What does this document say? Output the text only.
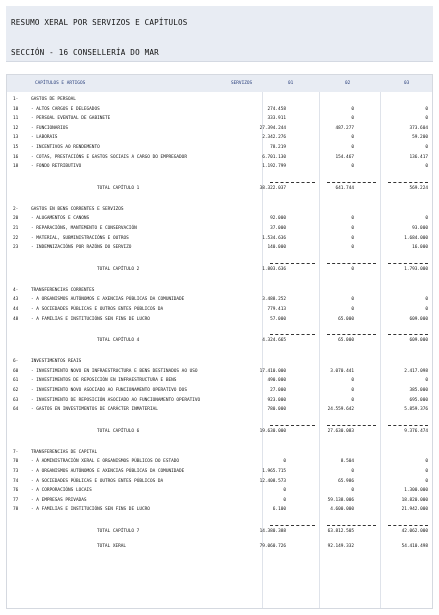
RESUMO XERAL POR SERVIZOS E CAPÍTULOS
SECCIÓN - 16 CONSELLERÍA DO MAR
CAPÍTULOS E ARTIGOS	SERVIZOS	01	02	03
1-	GASTOS DE PERSOAL
10	- ALTOS CARGOS E DELEGADOS	274.458	0	0
11	- PERSOAL EVENTUAL DE GABINETE	333.911	0	0
12	- FUNCIONARIOS	27.394.244	487.277	373.604
13	- LABORAIS	2.342.276	0	59.200
15	- INCENTIVOS AO RENDEMENTO	78.219	0	0
16	- COTAS, PRESTACIÓNS E GASTOS SOCIAIS A CARGO DO EMPREGADOR	6.701.130	154.467	136.417
18	- FONDO RETRIBUTIVO	1.192.799	0	0
TOTAL CAPÍTULO 1	38.322.037	641.744	569.224
2-	GASTOS EN BENS CORRENTES E SERVIZOS
20	- ALUGAMENTOS E CANONS	92.000	0	0
21	- REPARACIÓNS, MANTEMENTO E CONSERVACIÓN	37.000	0	93.000
22	- MATERIAL, SUBMINISTRACIÓNS E OUTROS	1.534.636	0	1.684.000
23	- INDEMNIZACIÓNS POR RAZÓNS DO SERVIZO	140.000	0	16.000
TOTAL CAPÍTULO 2	1.803.636	0	1.793.000
4-	TRANSFERENCIAS CORRENTES
43	- A ORGANISMOS AUTÓNOMOS E AXENCIAS PÚBLICAS DA COMUNIDADE	3.488.252	0	0
44	- A SOCIEDADES PÚBLICAS E OUTROS ENTES PÚBLICOS DA	779.413	0	0
48	- A FAMILIAS E INSTITUCIÓNS SEN FINS DE LUCRO	57.000	65.000	609.000
TOTAL CAPÍTULO 4	4.324.665	65.000	609.000
6-	INVESTIMENTOS REAIS
60	- INVESTIMENTO NOVO EN INFRAESTRUCTURA E BENS DESTINADOS AO USO	17.410.000	3.070.441	2.417.098
61	- INVESTIMENTOS DE REPOSICIÓN EN INFRAESTRUCTURA E BENS	490.000	0	0
62	- INVESTIMENTO NOVO ASOCIADO AO FUNCIONAMENTO OPERATIVO DOS	27.000	0	385.000
63	- INVESTIMENTO DE REPOSICIÓN ASOCIADO AO FUNCIONAMENTO OPERATIVO	923.000	0	695.000
64	- GASTOS EN INVESTIMENTOS DE CARÁCTER INMATERIAL	780.000	24.559.642	5.859.376
TOTAL CAPÍTULO 6	19.630.000	27.630.083	9.376.474
7-	TRANSFERENCIAS DE CAPITAL
70	- Á ADMINISTRACIÓN XERAL E ORGANISMOS PÚBLICOS DO ESTADO	0	8.504	0
73	- A ORGANISMOS AUTÓNOMOS E AXENCIAS PÚBLICAS DA COMUNIDADE	1.965.715	0	0
74	- A SOCIEDADES PÚBLICAS E OUTROS ENTES PÚBLICOS DA	12.408.573	65.986	0
76	- A CORPORACIÓNS LOCAIS	0	0	1.300.000
77	- A EMPRESAS PRIVADAS	0	59.138.006	18.820.000
78	- A FAMILIAS E INSTITUCIÓNS SEN FINS DE LUCRO	6.100	4.600.000	21.942.000
TOTAL CAPÍTULO 7	14.380.388	63.812.505	42.062.000
TOTAL XERAL	79.060.726	92.149.332	54.410.498
